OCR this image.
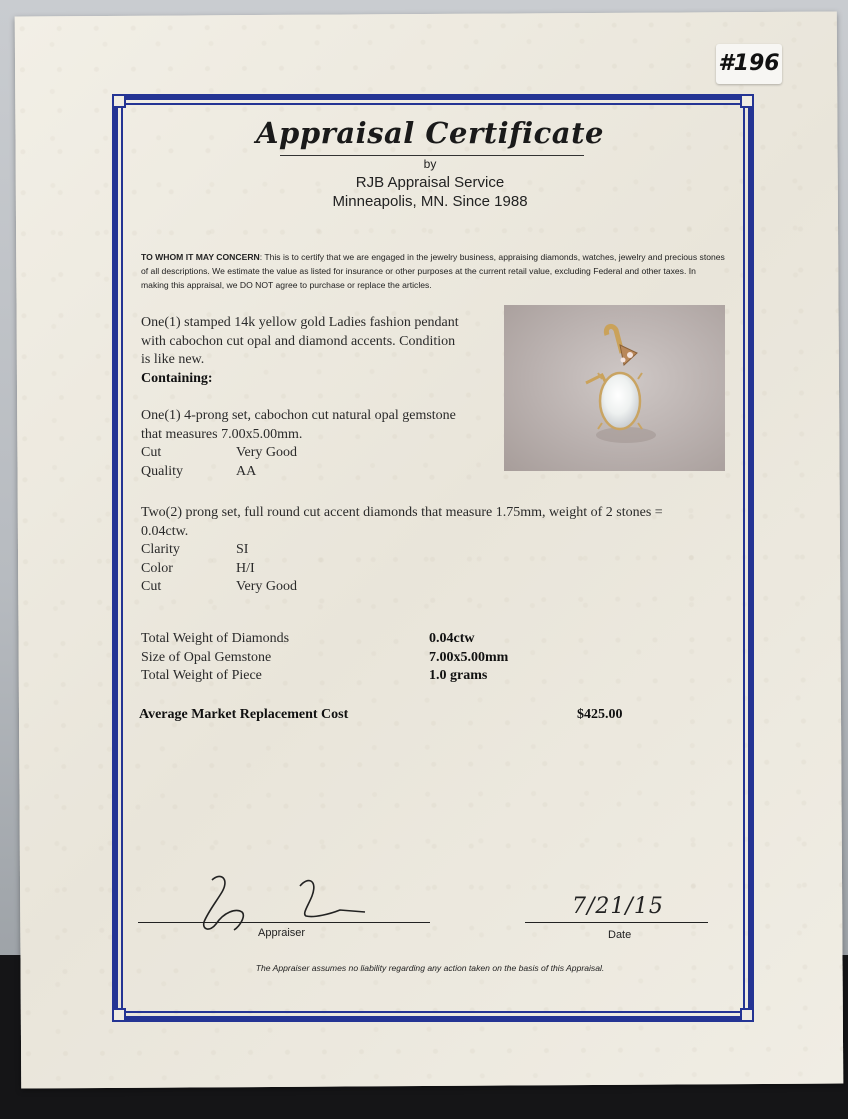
#196
Appraisal Certificate
by
RJB Appraisal Service
Minneapolis, MN. Since 1988
TO WHOM IT MAY CONCERN: This is to certify that we are engaged in the jewelry business, appraising diamonds, watches, jewelry and precious stones of all descriptions. We estimate the value as listed for insurance or other purposes at the current retail value, excluding Federal and other taxes. In making this appraisal, we DO NOT agree to purchase or replace the articles.
One(1) stamped 14k yellow gold Ladies fashion pendant with cabochon cut opal and diamond accents. Condition is like new.
Containing:
One(1) 4-prong set, cabochon cut natural opal gemstone that measures 7.00x5.00mm.
Cut	Very Good
Quality	AA
Two(2) prong set, full round cut accent diamonds that measure 1.75mm, weight of 2 stones = 0.04ctw.
Clarity	SI
Color	H/I
Cut	Very Good
Total Weight of Diamonds	0.04ctw
Size of Opal Gemstone	7.00x5.00mm
Total Weight of Piece	1.0 grams
Average Market Replacement Cost	$425.00
Appraiser
7/21/15
Date
The Appraiser assumes no liability regarding any action taken on the basis of this Appraisal.
